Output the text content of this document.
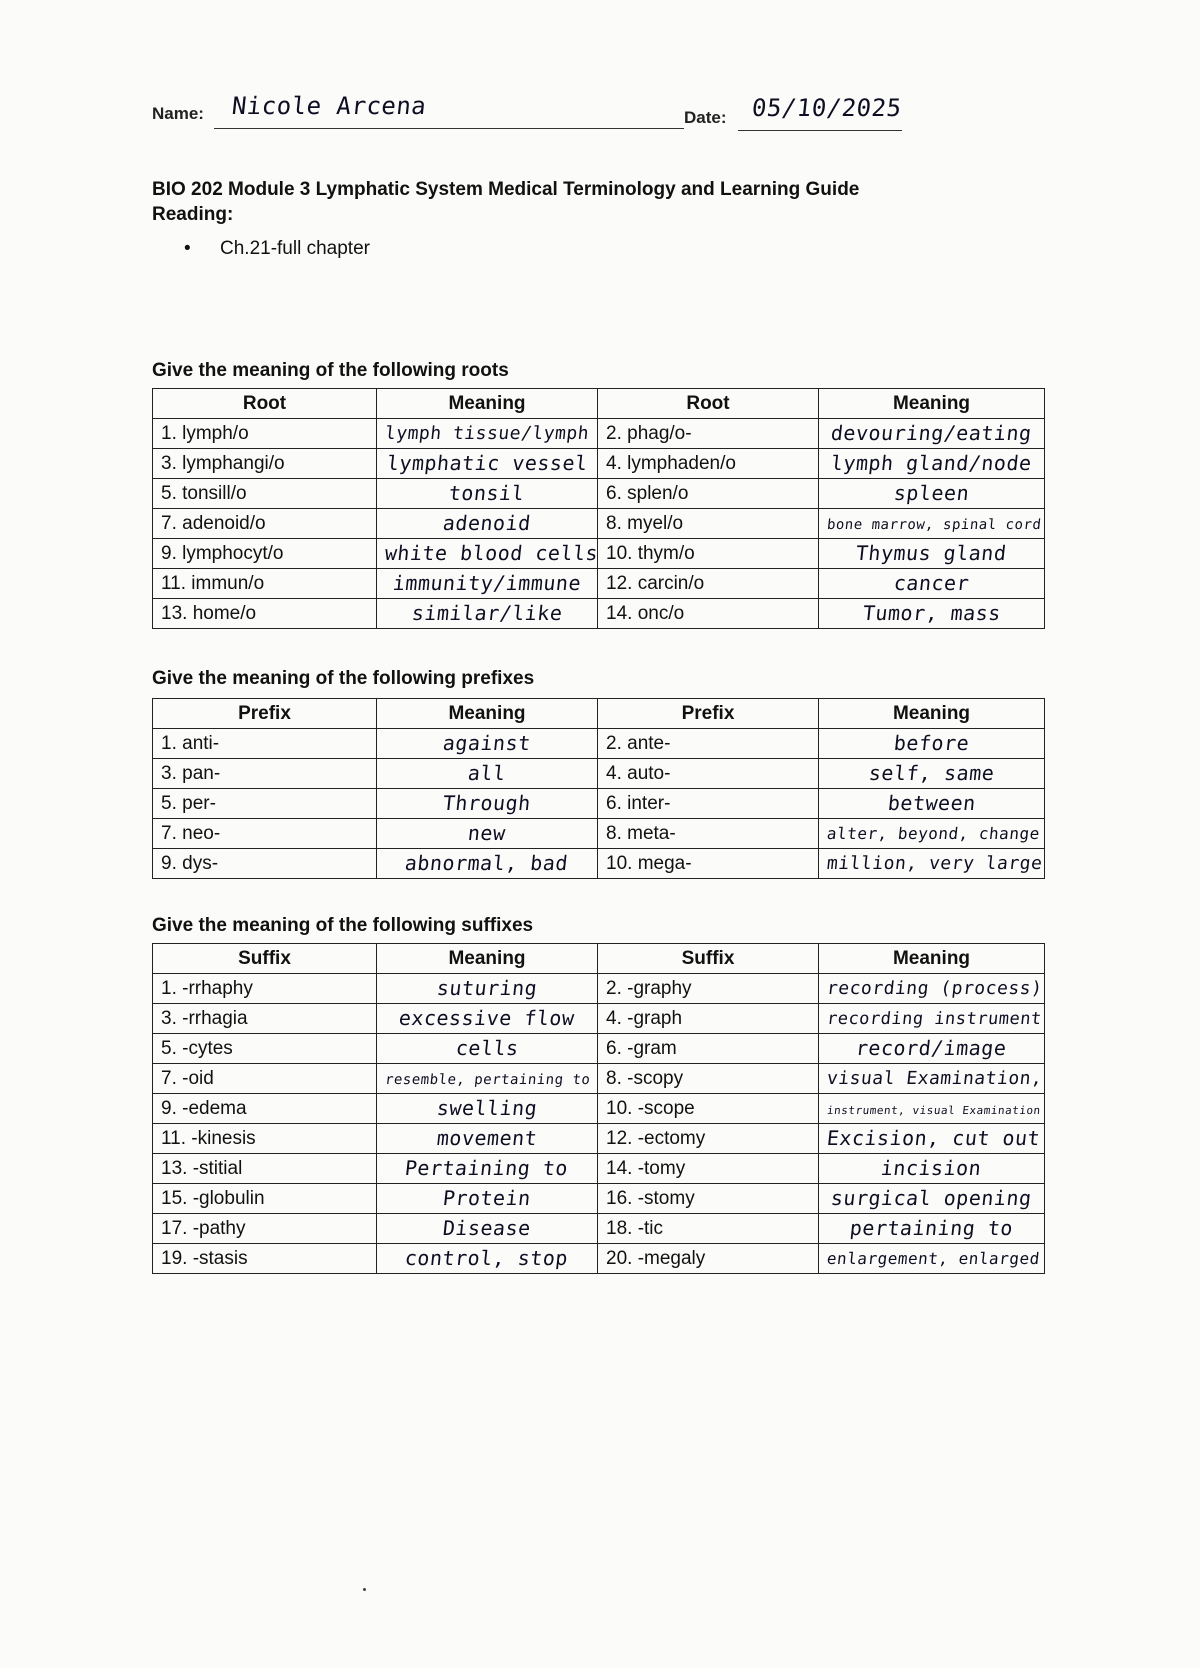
Name: Nicole Arcena	Date: 05/10/2025
BIO 202 Module 3 Lymphatic System Medical Terminology and Learning Guide
Reading:
• Ch.21-full chapter
Give the meaning of the following roots
Root	Meaning	Root	Meaning
1. lymph/o	lymph tissue/lymph	2. phag/o-	devouring/eating
3. lymphangi/o	lymphatic vessel	4. lymphaden/o	lymph gland/node
5. tonsill/o	tonsil	6. splen/o	spleen
7. adenoid/o	adenoid	8. myel/o	bone marrow, spinal cord
9. lymphocyt/o	white blood cells	10. thym/o	Thymus gland
11. immun/o	immunity/immune	12. carcin/o	cancer
13. home/o	similar/like	14. onc/o	Tumor, mass
Give the meaning of the following prefixes
Prefix	Meaning	Prefix	Meaning
1. anti-	against	2. ante-	before
3. pan-	all	4. auto-	self, same
5. per-	Through	6. inter-	between
7. neo-	new	8. meta-	alter, beyond, change
9. dys-	abnormal, bad	10. mega-	million, very large
Give the meaning of the following suffixes
Suffix	Meaning	Suffix	Meaning
1. -rrhaphy	suturing	2. -graphy	recording (process)
3. -rrhagia	excessive flow	4. -graph	recording instrument
5. -cytes	cells	6. -gram	record/image
7. -oid	resemble, pertaining to	8. -scopy	visual Examination,
9. -edema	swelling	10. -scope	instrument, visual Examination
11. -kinesis	movement	12. -ectomy	Excision, cut out
13. -stitial	Pertaining to	14. -tomy	incision
15. -globulin	Protein	16. -stomy	surgical opening
17. -pathy	Disease	18. -tic	pertaining to
19. -stasis	control, stop	20. -megaly	enlargement, enlarged
